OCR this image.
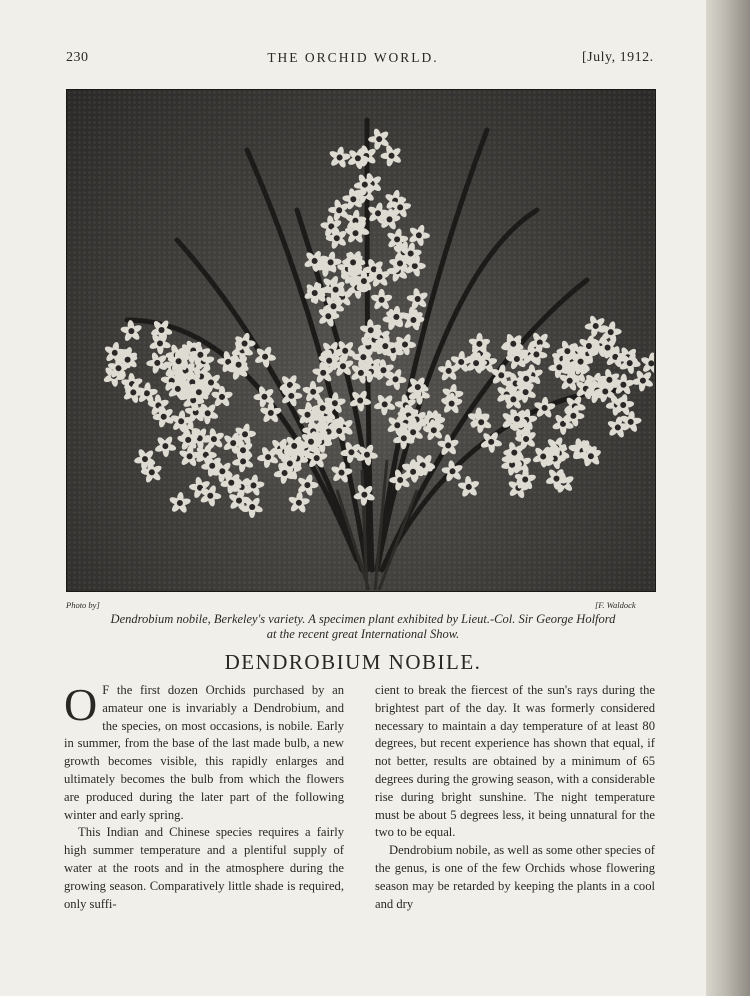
230	THE ORCHID WORLD.	[July, 1912.
Photo by]	[F. Waldock
Dendrobium nobile, Berkeley's variety. A specimen plant exhibited by Lieut.-Col. Sir George Holford
at the recent great International Show.
DENDROBIUM NOBILE.

O F the first dozen Orchids purchased by an amateur one is invariably a Dendrobium, and the species, on most occasions, is nobile. Early in summer, from the base of the last made bulb, a new growth becomes visible, this rapidly enlarges and ultimately becomes the bulb from which the flowers are produced during the later part of the following winter and early spring.

This Indian and Chinese species requires a fairly high summer temperature and a plentiful supply of water at the roots and in the atmosphere during the growing season. Comparatively little shade is required, only suffi-

cient to break the fiercest of the sun's rays during the brightest part of the day. It was formerly considered necessary to maintain a day temperature of at least 80 degrees, but recent experience has shown that equal, if not better, results are obtained by a minimum of 65 degrees during the growing season, with a considerable rise during bright sunshine. The night temperature must be about 5 degrees less, it being unnatural for the two to be equal.

Dendrobium nobile, as well as some other species of the genus, is one of the few Orchids whose flowering season may be retarded by keeping the plants in a cool and dry
